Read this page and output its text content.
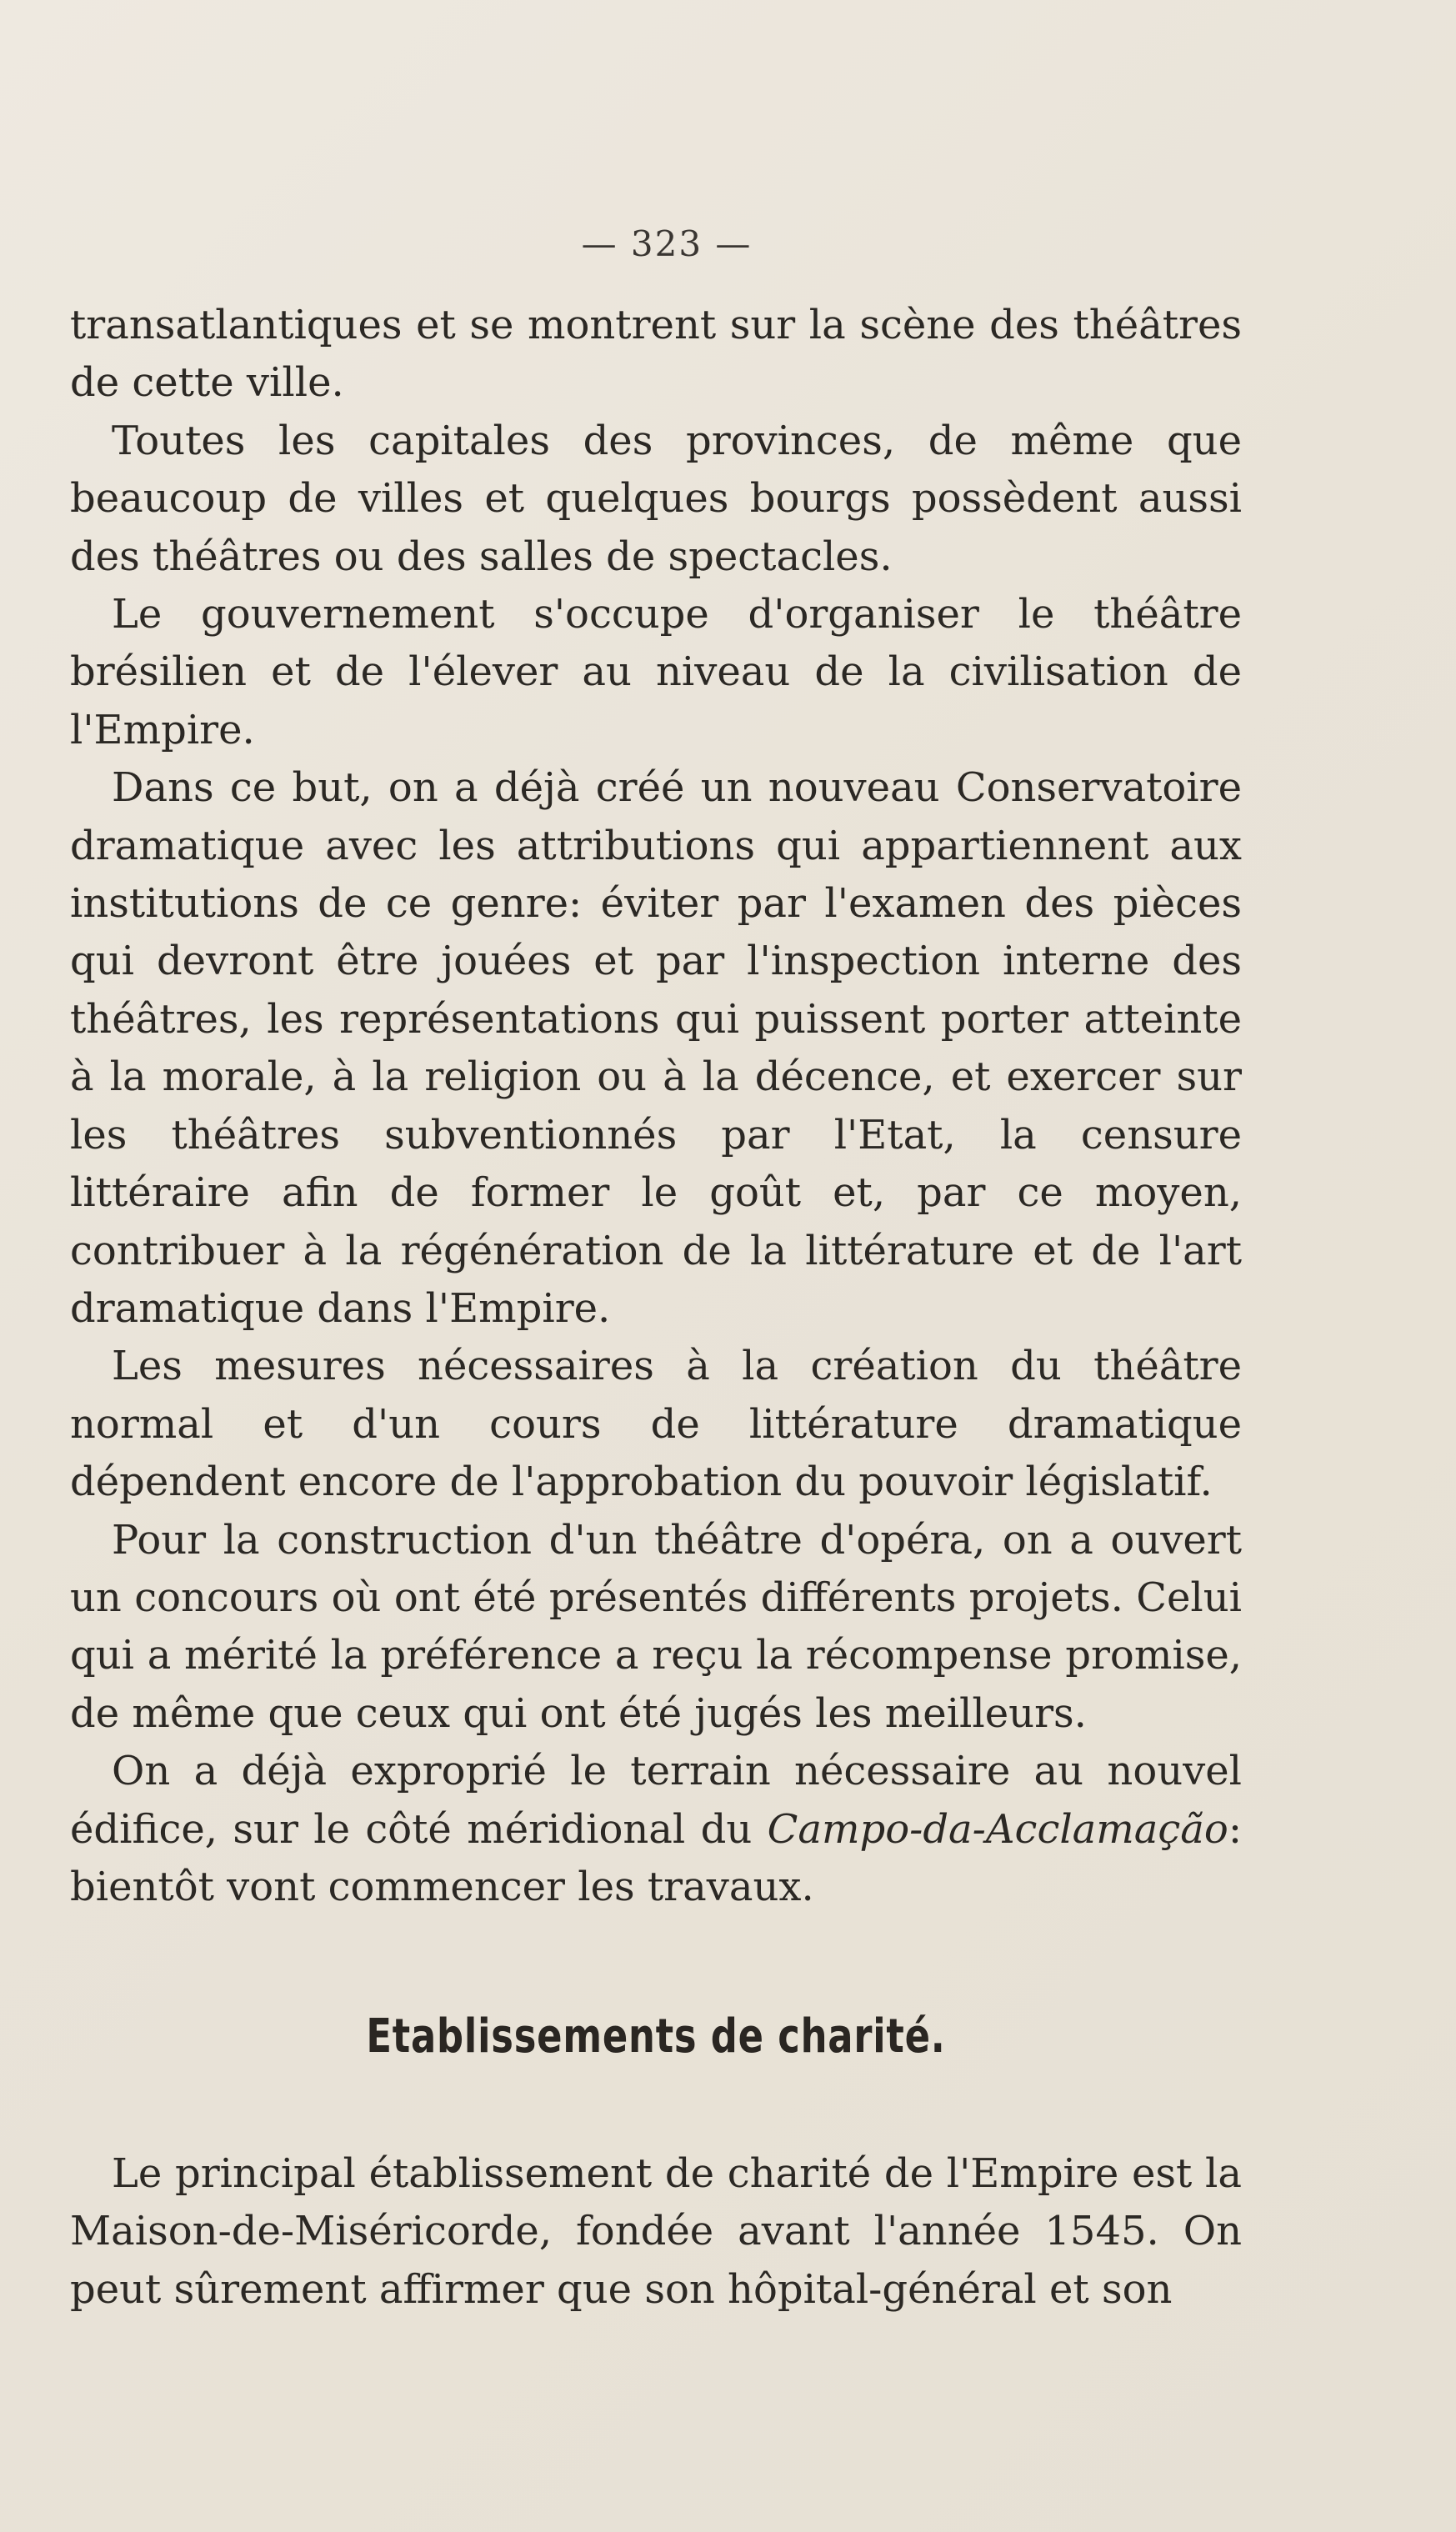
— 323 —

transatlantiques et se montrent sur la scène des théâtres de cette ville.

Toutes les capitales des provinces, de même que beaucoup de villes et quelques bourgs possèdent aussi des théâtres ou des salles de spectacles.

Le gouvernement s'occupe d'organiser le théâtre brésilien et de l'élever au niveau de la civilisation de l'Empire.

Dans ce but, on a déjà créé un nouveau Conservatoire dramatique avec les attributions qui appartiennent aux institutions de ce genre: éviter par l'examen des pièces qui devront être jouées et par l'inspection interne des théâtres, les représentations qui puissent porter atteinte à la morale, à la religion ou à la décence, et exercer sur les théâtres subventionnés par l'Etat, la censure littéraire afin de former le goût et, par ce moyen, contribuer à la régénération de la littérature et de l'art dramatique dans l'Empire.

Les mesures nécessaires à la création du théâtre normal et d'un cours de littérature dramatique dépendent encore de l'approbation du pouvoir législatif.

Pour la construction d'un théâtre d'opéra, on a ouvert un concours où ont été présentés différents projets. Celui qui a mérité la préférence a reçu la récompense promise, de même que ceux qui ont été jugés les meilleurs.

On a déjà exproprié le terrain nécessaire au nouvel édifice, sur le côté méridional du Campo-da-Acclamação: bientôt vont commencer les travaux.

Etablissements de charité.

Le principal établissement de charité de l'Empire est la Maison-de-Miséricorde, fondée avant l'année 1545. On peut sûrement affirmer que son hôpital-général et son
